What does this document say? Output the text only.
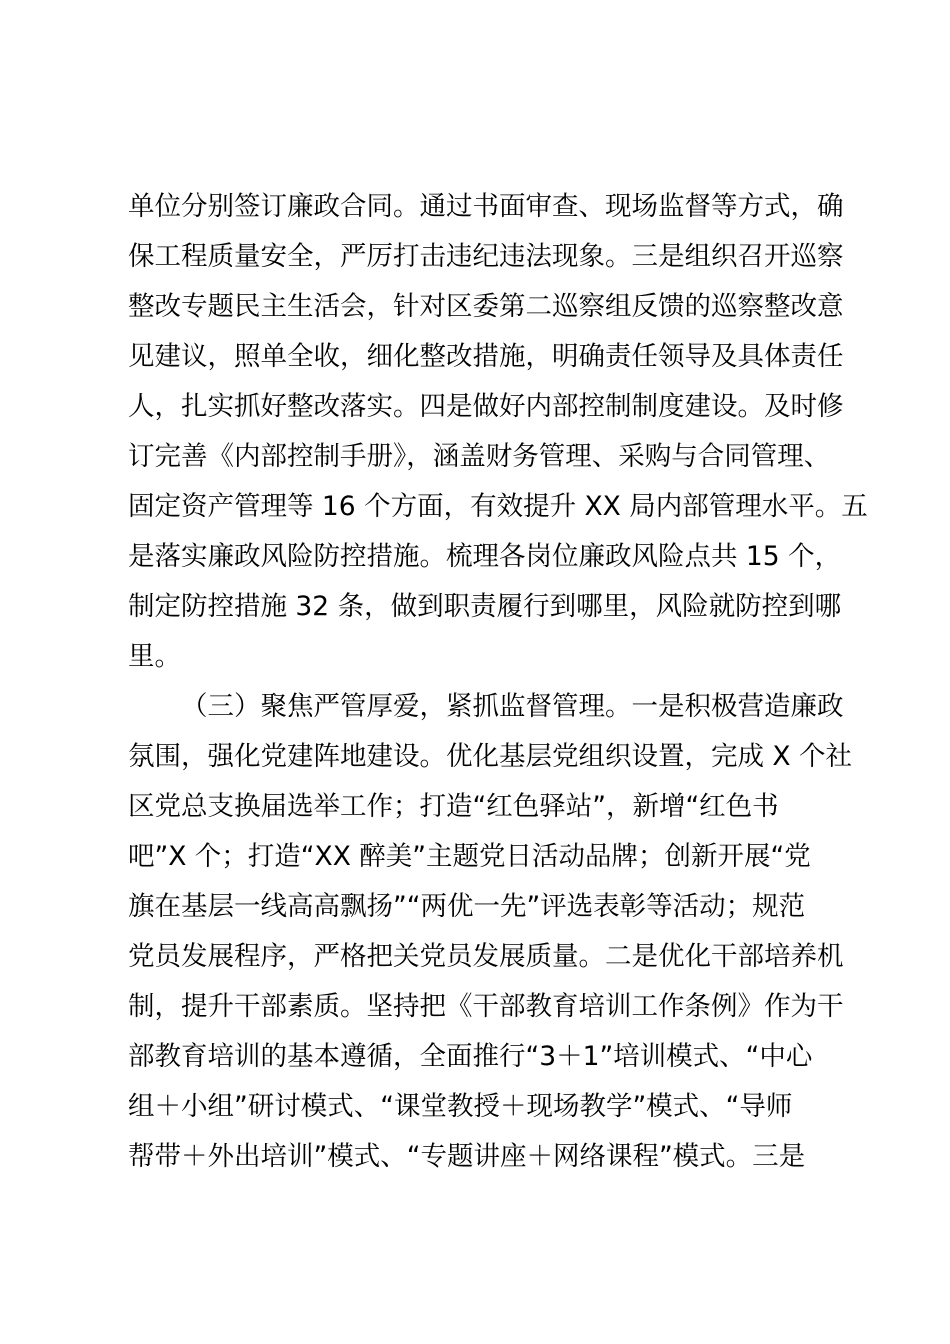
单位分别签订廉政合同。通过书面审查、现场监督等方式，确
保工程质量安全，严厉打击违纪违法现象。三是组织召开巡察
整改专题民主生活会，针对区委第二巡察组反馈的巡察整改意
见建议，照单全收，细化整改措施，明确责任领导及具体责任
人，扎实抓好整改落实。四是做好内部控制制度建设。及时修
订完善《内部控制手册》，涵盖财务管理、采购与合同管理、
固定资产管理等 16 个方面，有效提升 XX 局内部管理水平。五
是落实廉政风险防控措施。梳理各岗位廉政风险点共 15 个，
制定防控措施 32 条，做到职责履行到哪里，风险就防控到哪
里。
（三）聚焦严管厚爱，紧抓监督管理。一是积极营造廉政
氛围，强化党建阵地建设。优化基层党组织设置，完成 X 个社
区党总支换届选举工作；打造“红色驿站”，新增“红色书
吧”X 个；打造“XX 醉美”主题党日活动品牌；创新开展“党
旗在基层一线高高飘扬”“两优一先”评选表彰等活动；规范
党员发展程序，严格把关党员发展质量。二是优化干部培养机
制，提升干部素质。坚持把《干部教育培训工作条例》作为干
部教育培训的基本遵循，全面推行“3＋1”培训模式、“中心
组＋小组”研讨模式、“课堂教授＋现场教学”模式、“导师
帮带＋外出培训”模式、“专题讲座＋网络课程”模式。三是
